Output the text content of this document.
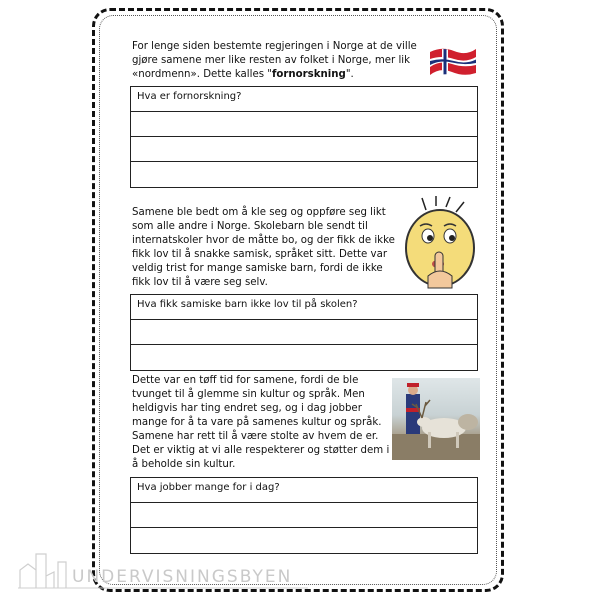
For lenge siden bestemte regjeringen i Norge at de ville gjøre samene mer like resten av folket i Norge, mer lik «nordmenn». Dette kalles "fornorskning".

Hva er fornorskning?

Samene ble bedt om å kle seg og oppføre seg likt som alle andre i Norge. Skolebarn ble sendt til internatskoler hvor de måtte bo, og der fikk de ikke fikk lov til å snakke samisk, språket sitt. Dette var veldig trist for mange samiske barn, fordi de ikke fikk lov til å være seg selv.

Hva fikk samiske barn ikke lov til på skolen?

Dette var en tøff tid for samene, fordi de ble tvunget til å glemme sin kultur og språk. Men heldigvis har ting endret seg, og i dag jobber mange for å ta vare på samenes kultur og språk. Samene har rett til å være stolte av hvem de er. Det er viktig at vi alle respekterer og støtter dem i å beholde sin kultur.

Hva jobber mange for i dag?
UNDERVISNINGSBYEN
